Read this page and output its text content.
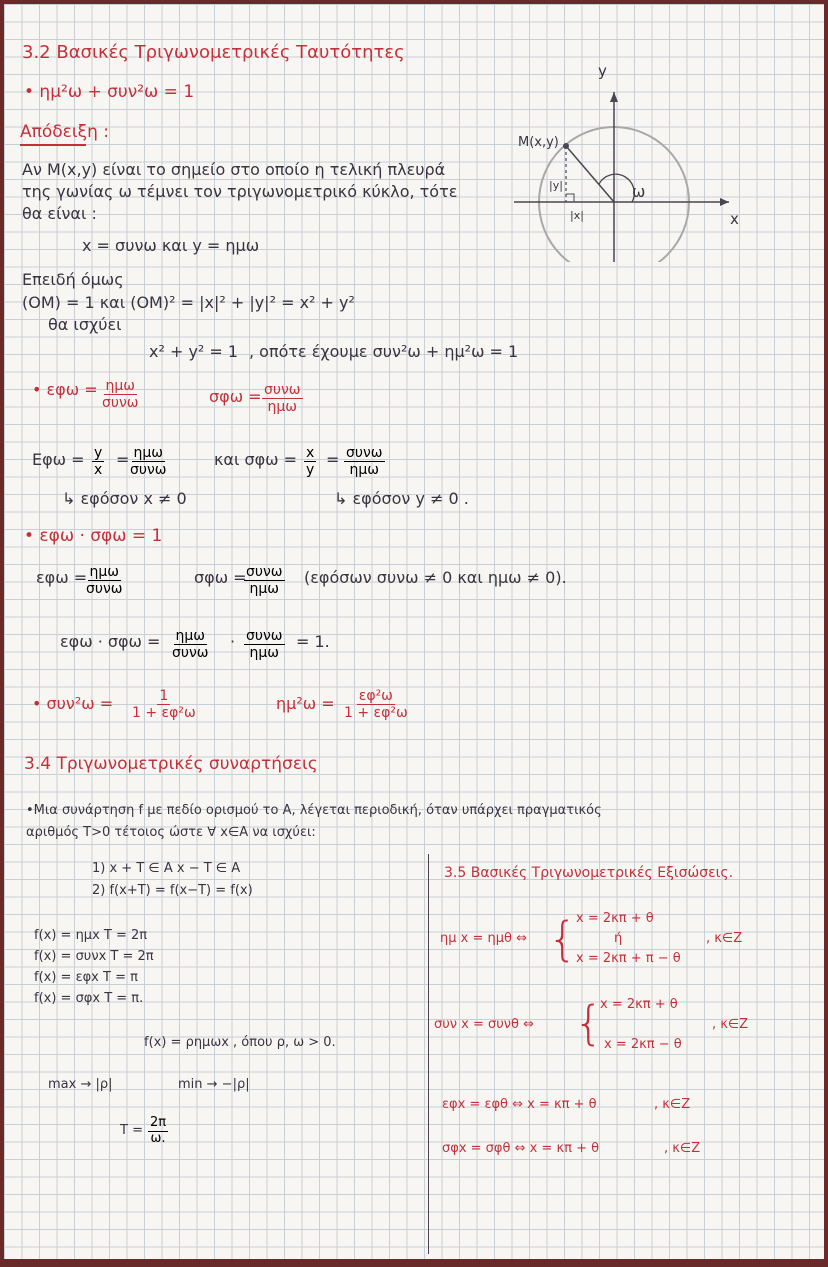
3.2 Βασικές Τριγωνομετρικές Ταυτότητες
• ημ²ω + συν²ω = 1
Απόδειξη :
Αν M(x,y) είναι το σημείο στο οποίο η τελική πλευρά
της γωνίας ω τέμνει τον τριγωνομετρικό κύκλο, τότε
θα είναι :
x = συνω και y = ημω
Επειδή όμως
(OM) = 1 και (OM)² = |x|² + |y|² = x² + y²
θα ισχύει
x² + y² = 1 , οπότε έχουμε συν²ω + ημ²ω = 1
y
x
M(x,y)
|y|
|x|
ω
• εφω = ημω
συνω	σφω = συνω
ημω
$E\varphi\omega = \frac{y}{x} = \eta\mu\omega$
συνω
και $\sigma\varphi\omega = \frac{x}{y} = \sigma\upsilon\nu\omega$
ημω
↳ εφόσον x ≠ 0	↳ εφόσον y ≠ 0 .
• εφω · σφω = 1
εφω = ημω
συνω
σφω = συνω
ημω
(εφόσων συνω ≠ 0 και ημω ≠ 0).
εφω · σφω = ημω
συνω
· συνω
ημω
= 1.
• $\sigma\upsilon\nu^2\omega = \frac{1}{\text{1 + εφ²ω}}$	$\eta\mu^2\omega = \frac{\text{εφ²ω}}{\text{1 + εφ²ω}}$
3.4 Τριγωνομετρικές συναρτήσεις
•Μια συνάρτηση f με πεδίο ορισμού το A, λέγεται περιοδική, όταν υπάρχει πραγματικός
αριθμός T>0 τέτοιος ώστε ∀ x∈A να ισχύει:
1) x + T ∈ A x − T ∈ A
2) f(x+T) = f(x−T) = f(x)
f(x) = ημx T = 2π
f(x) = συνx T = 2π
f(x) = εφx T = π
f(x) = σφx T = π.
f(x) = ρημωx , όπου ρ, ω > 0.
max → |ρ|	min → −|ρ|
$T = \frac{2\pi}{\omega.}$
3.5 Βασικές Τριγωνομετρικές Εξισώσεις.
ημ x = ημθ ⇔ {
x = 2κπ + θ
ή
x = 2κπ + π − θ
, κ∈Z
συν x = συνθ ⇔ {
x = 2κπ + θ
x = 2κπ − θ
, κ∈Z
εφx = εφθ ⇔ x = κπ + θ	, κ∈Z
σφx = σφθ ⇔ x = κπ + θ	, κ∈Z
